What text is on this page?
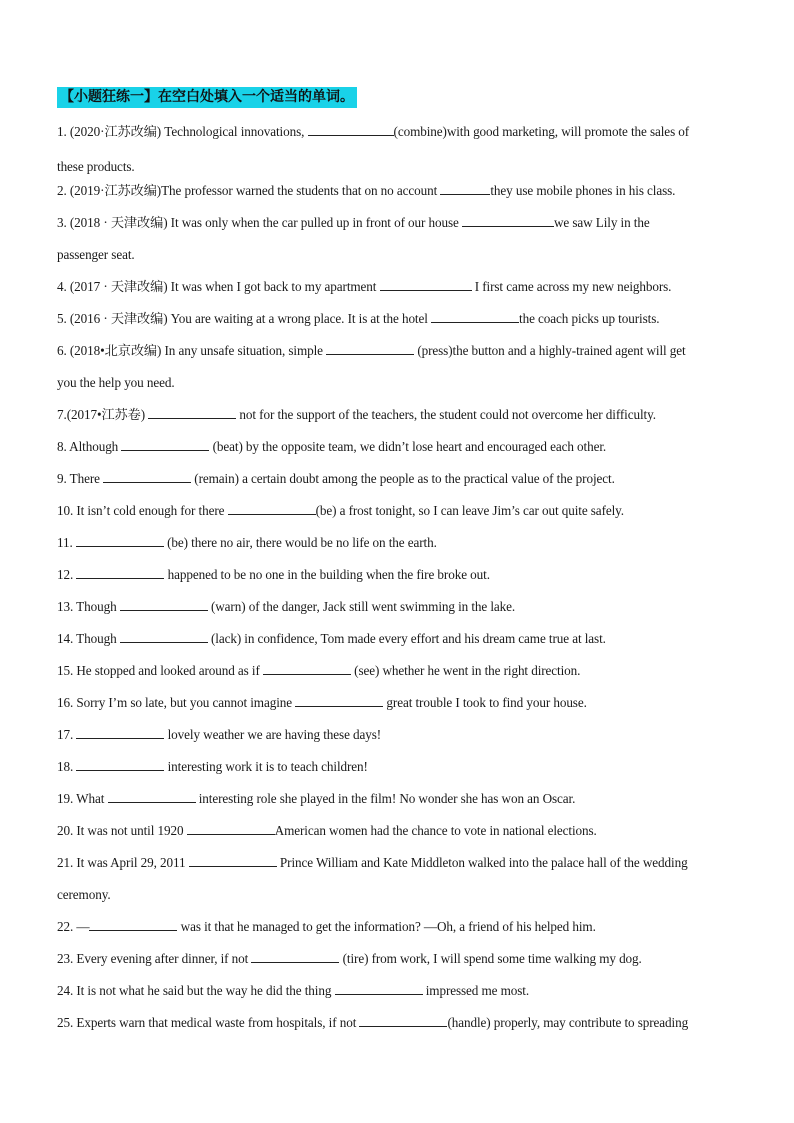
【小题狂练一】在空白处填入一个适当的单词。
1. (2020·江苏改编) Technological innovations,	(combine)with good marketing, will promote the sales of
these products.
2. (2019·江苏改编)The professor warned the students that on no account	they use mobile phones in his class.
3. (2018 · 天津改编) It was only when the car pulled up in front of our house	we saw Lily in the
passenger seat.
4. (2017 · 天津改编) It was when I got back to my apartment	I first came across my new neighbors.
5. (2016 · 天津改编) You are waiting at a wrong place. It is at the hotel	the coach picks up tourists.
6. (2018•北京改编) In any unsafe situation, simple	(press)the button and a highly-trained agent will get
you the help you need.
7.(2017•江苏卷)	not for the support of the teachers, the student could not overcome her difficulty.
8. Although	(beat) by the opposite team, we didn’t lose heart and encouraged each other.
9. There	(remain) a certain doubt among the people as to the practical value of the project.
10. It isn’t cold enough for there	(be) a frost tonight, so I can leave Jim’s car out quite safely.
11.	(be) there no air, there would be no life on the earth.
12.	happened to be no one in the building when the fire broke out.
13. Though	(warn) of the danger, Jack still went swimming in the lake.
14. Though	(lack) in confidence, Tom made every effort and his dream came true at last.
15. He stopped and looked around as if	(see) whether he went in the right direction.
16. Sorry I’m so late, but you cannot imagine	great trouble I took to find your house.
17.	lovely weather we are having these days!
18.	interesting work it is to teach children!
19. What	interesting role she played in the film! No wonder she has won an Oscar.
20. It was not until 1920	American women had the chance to vote in national elections.
21. It was April 29, 2011	Prince William and Kate Middleton walked into the palace hall of the wedding
ceremony.
22. —	was it that he managed to get the information? —Oh, a friend of his helped him.
23. Every evening after dinner, if not	(tire) from work, I will spend some time walking my dog.
24. It is not what he said but the way he did the thing	impressed me most.
25. Experts warn that medical waste from hospitals, if not	(handle) properly, may contribute to spreading
